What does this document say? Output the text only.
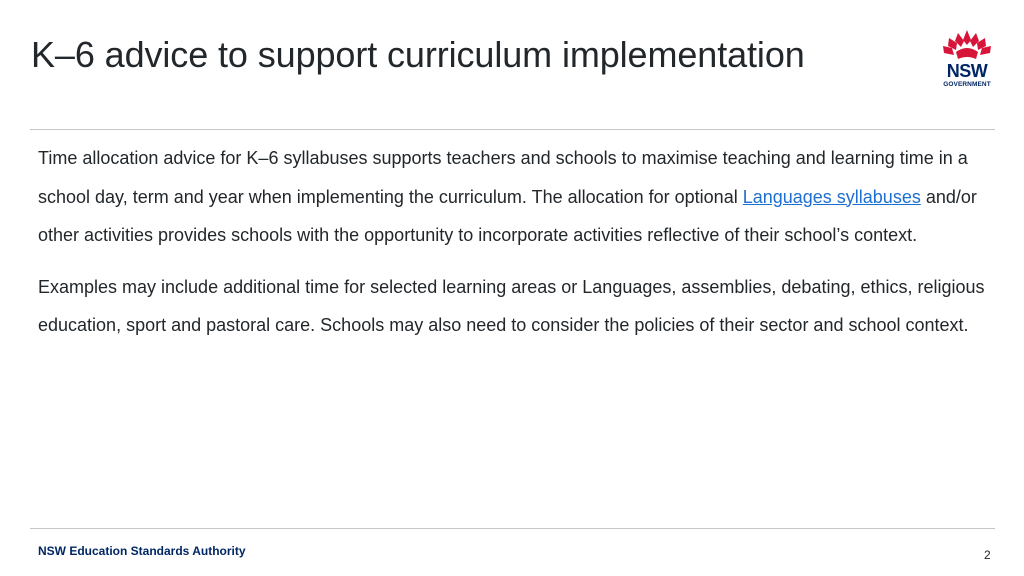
K–6 advice to support curriculum implementation	NSW
GOVERNMENT

Time allocation advice for K–6 syllabuses supports teachers and schools to maximise teaching and learning time in a school day, term and year when implementing the curriculum. The allocation for optional Languages syllabuses and/or other activities provides schools with the opportunity to incorporate activities reflective of their school’s context.

Examples may include additional time for selected learning areas or Languages, assemblies, debating, ethics, religious education, sport and pastoral care. Schools may also need to consider the policies of their sector and school context.

NSW Education Standards Authority	2
